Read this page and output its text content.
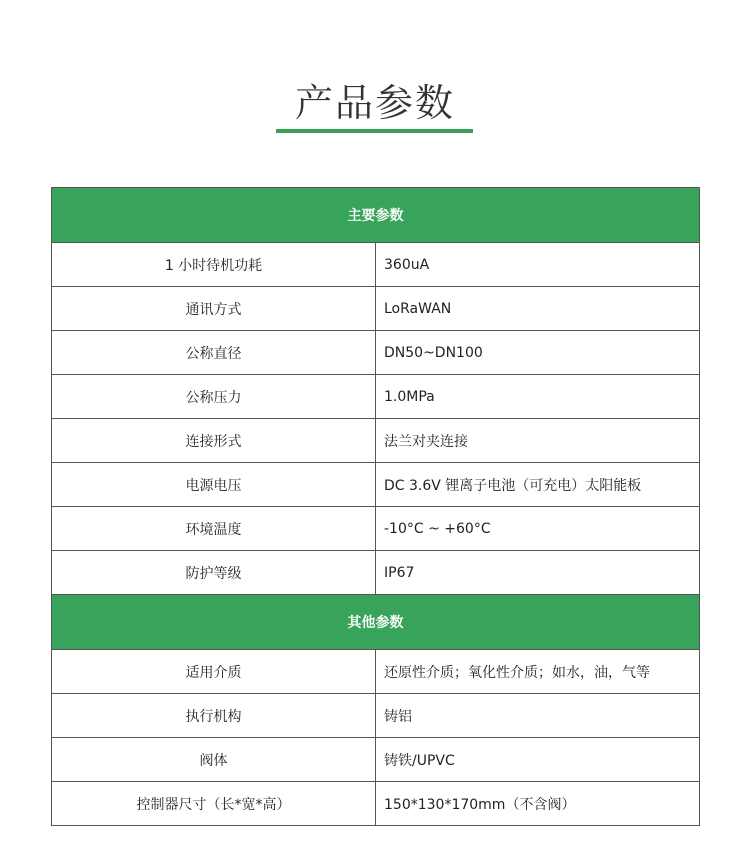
产品参数
主要参数	
1 小时待机功耗	360uA
通讯方式	LoRaWAN
公称直径	DN50~DN100
公称压力	1.0MPa
连接形式	法兰对夹连接
电源电压	DC 3.6V 锂离子电池（可充电）太阳能板
环境温度	-10°C ~ +60°C
防护等级	IP67
其他参数	
适用介质	还原性介质；氧化性介质；如水，油，气等
执行机构	铸铝
阀体	铸铁/UPVC
控制器尺寸（长*宽*高）	150*130*170mm（不含阀）
